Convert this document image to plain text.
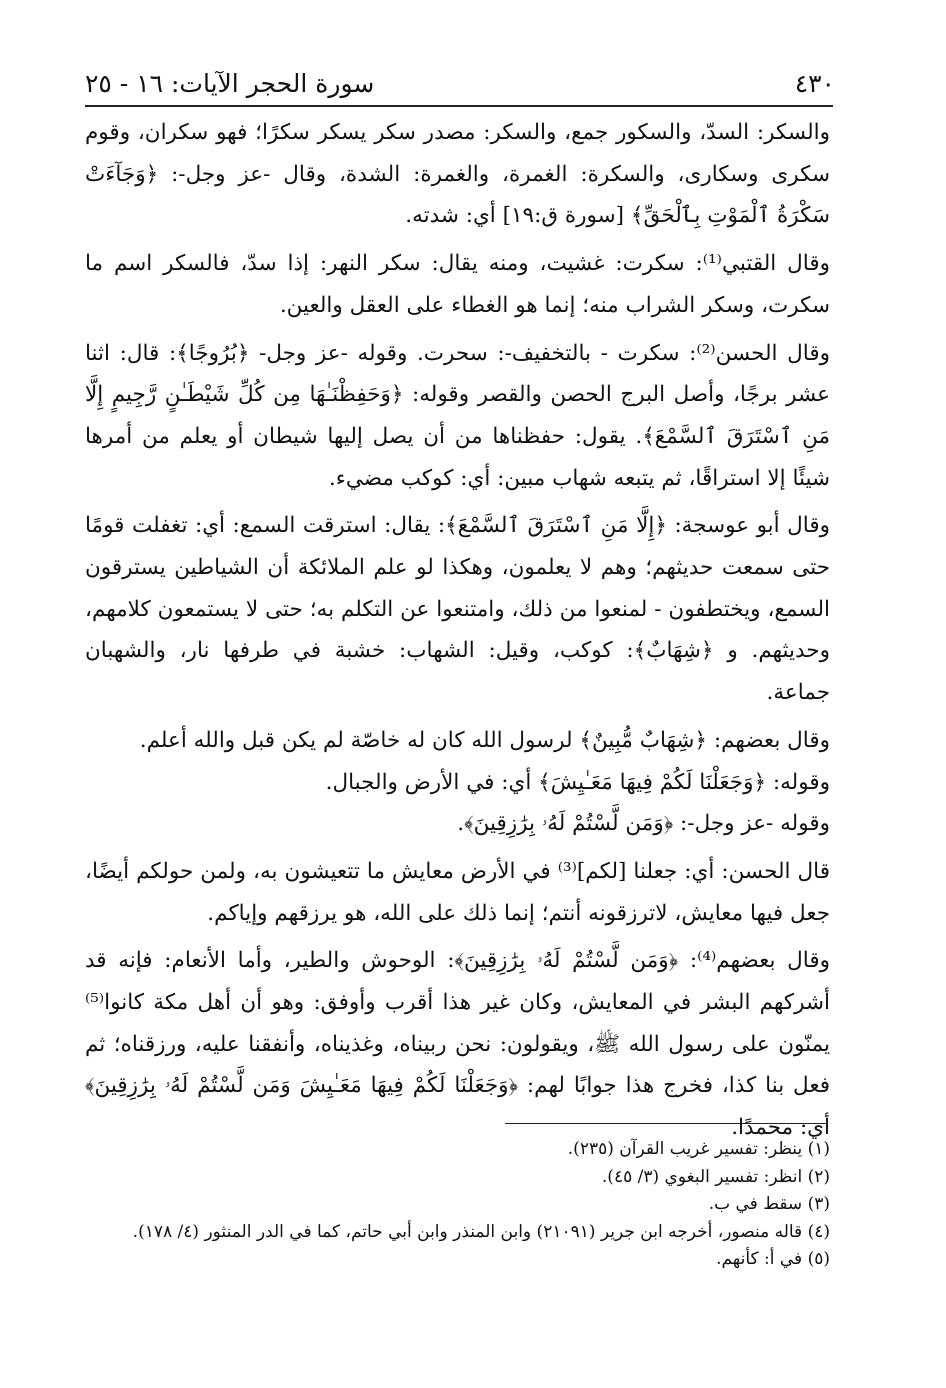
٤٣٠
سورة الحجر الآيات: ١٦ - ٢٥

والسكر: السدّ، والسكور جمع، والسكر: مصدر سكر يسكر سكرًا؛ فهو سكران، وقوم سكرى وسكارى، والسكرة: الغمرة، والغمرة: الشدة، وقال -عز وجل-: ﴿وَجَآءَتْ سَكْرَةُ ٱلْمَوْتِ بِٱلْحَقِّ﴾ [سورة ق:١٩] أي: شدته.

وقال القتبي⁽¹⁾: سكرت: غشيت، ومنه يقال: سكر النهر: إذا سدّ، فالسكر اسم ما سكرت، وسكر الشراب منه؛ إنما هو الغطاء على العقل والعين.

وقال الحسن⁽²⁾: سكرت - بالتخفيف-: سحرت. وقوله -عز وجل- ﴿بُرُوجًا﴾: قال: اثنا عشر برجًا، وأصل البرج الحصن والقصر وقوله: ﴿وَحَفِظْنَـٰهَا مِن كُلِّ شَيْطَـٰنٍ رَّجِيمٍ إِلَّا مَنِ ٱسْتَرَقَ ٱلسَّمْعَ﴾. يقول: حفظناها من أن يصل إليها شيطان أو يعلم من أمرها شيئًا إلا استراقًا، ثم يتبعه شهاب مبين: أي: كوكب مضيء.

وقال أبو عوسجة: ﴿إِلَّا مَنِ ٱسْتَرَقَ ٱلسَّمْعَ﴾: يقال: استرقت السمع: أي: تغفلت قومًا حتى سمعت حديثهم؛ وهم لا يعلمون، وهكذا لو علم الملائكة أن الشياطين يسترقون السمع، ويختطفون - لمنعوا من ذلك، وامتنعوا عن التكلم به؛ حتى لا يستمعون كلامهم، وحديثهم. و ﴿شِهَابٌ﴾: كوكب، وقيل: الشهاب: خشبة في طرفها نار، والشهبان جماعة.

وقال بعضهم: ﴿شِهَابٌ مُّبِينٌ﴾ لرسول الله كان له خاصّة لم يكن قبل والله أعلم.

وقوله: ﴿وَجَعَلْنَا لَكُمْ فِيهَا مَعَـٰيِشَ﴾ أي: في الأرض والجبال.

وقوله -عز وجل-: ﴿وَمَن لَّسْتُمْ لَهُۥ بِرَٰزِقِينَ﴾.

قال الحسن: أي: جعلنا [لكم]⁽³⁾ في الأرض معايش ما تتعيشون به، ولمن حولكم أيضًا، جعل فيها معايش، لاترزقونه أنتم؛ إنما ذلك على الله، هو يرزقهم وإياكم.

وقال بعضهم⁽⁴⁾: ﴿وَمَن لَّسْتُمْ لَهُۥ بِرَٰزِقِينَ﴾: الوحوش والطير، وأما الأنعام: فإنه قد أشركهم البشر في المعايش، وكان غير هذا أقرب وأوفق: وهو أن أهل مكة كانوا⁽⁵⁾ يمنّون على رسول الله ﷺ، ويقولون: نحن ربيناه، وغذيناه، وأنفقنا عليه، ورزقناه؛ ثم فعل بنا كذا، فخرج هذا جوابًا لهم: ﴿وَجَعَلْنَا لَكُمْ فِيهَا مَعَـٰيِشَ وَمَن لَّسْتُمْ لَهُۥ بِرَٰزِقِينَ﴾ أي: محمدًا.

(١) ينظر: تفسير غريب القرآن (٢٣٥).

(٢) انظر: تفسير البغوي (٣/ ٤٥).

(٣) سقط في ب.

(٤) قاله منصور، أخرجه ابن جرير (٢١٠٩١) وابن المنذر وابن أبي حاتم، كما في الدر المنثور (٤/ ١٧٨).

(٥) في أ: كأنهم.
